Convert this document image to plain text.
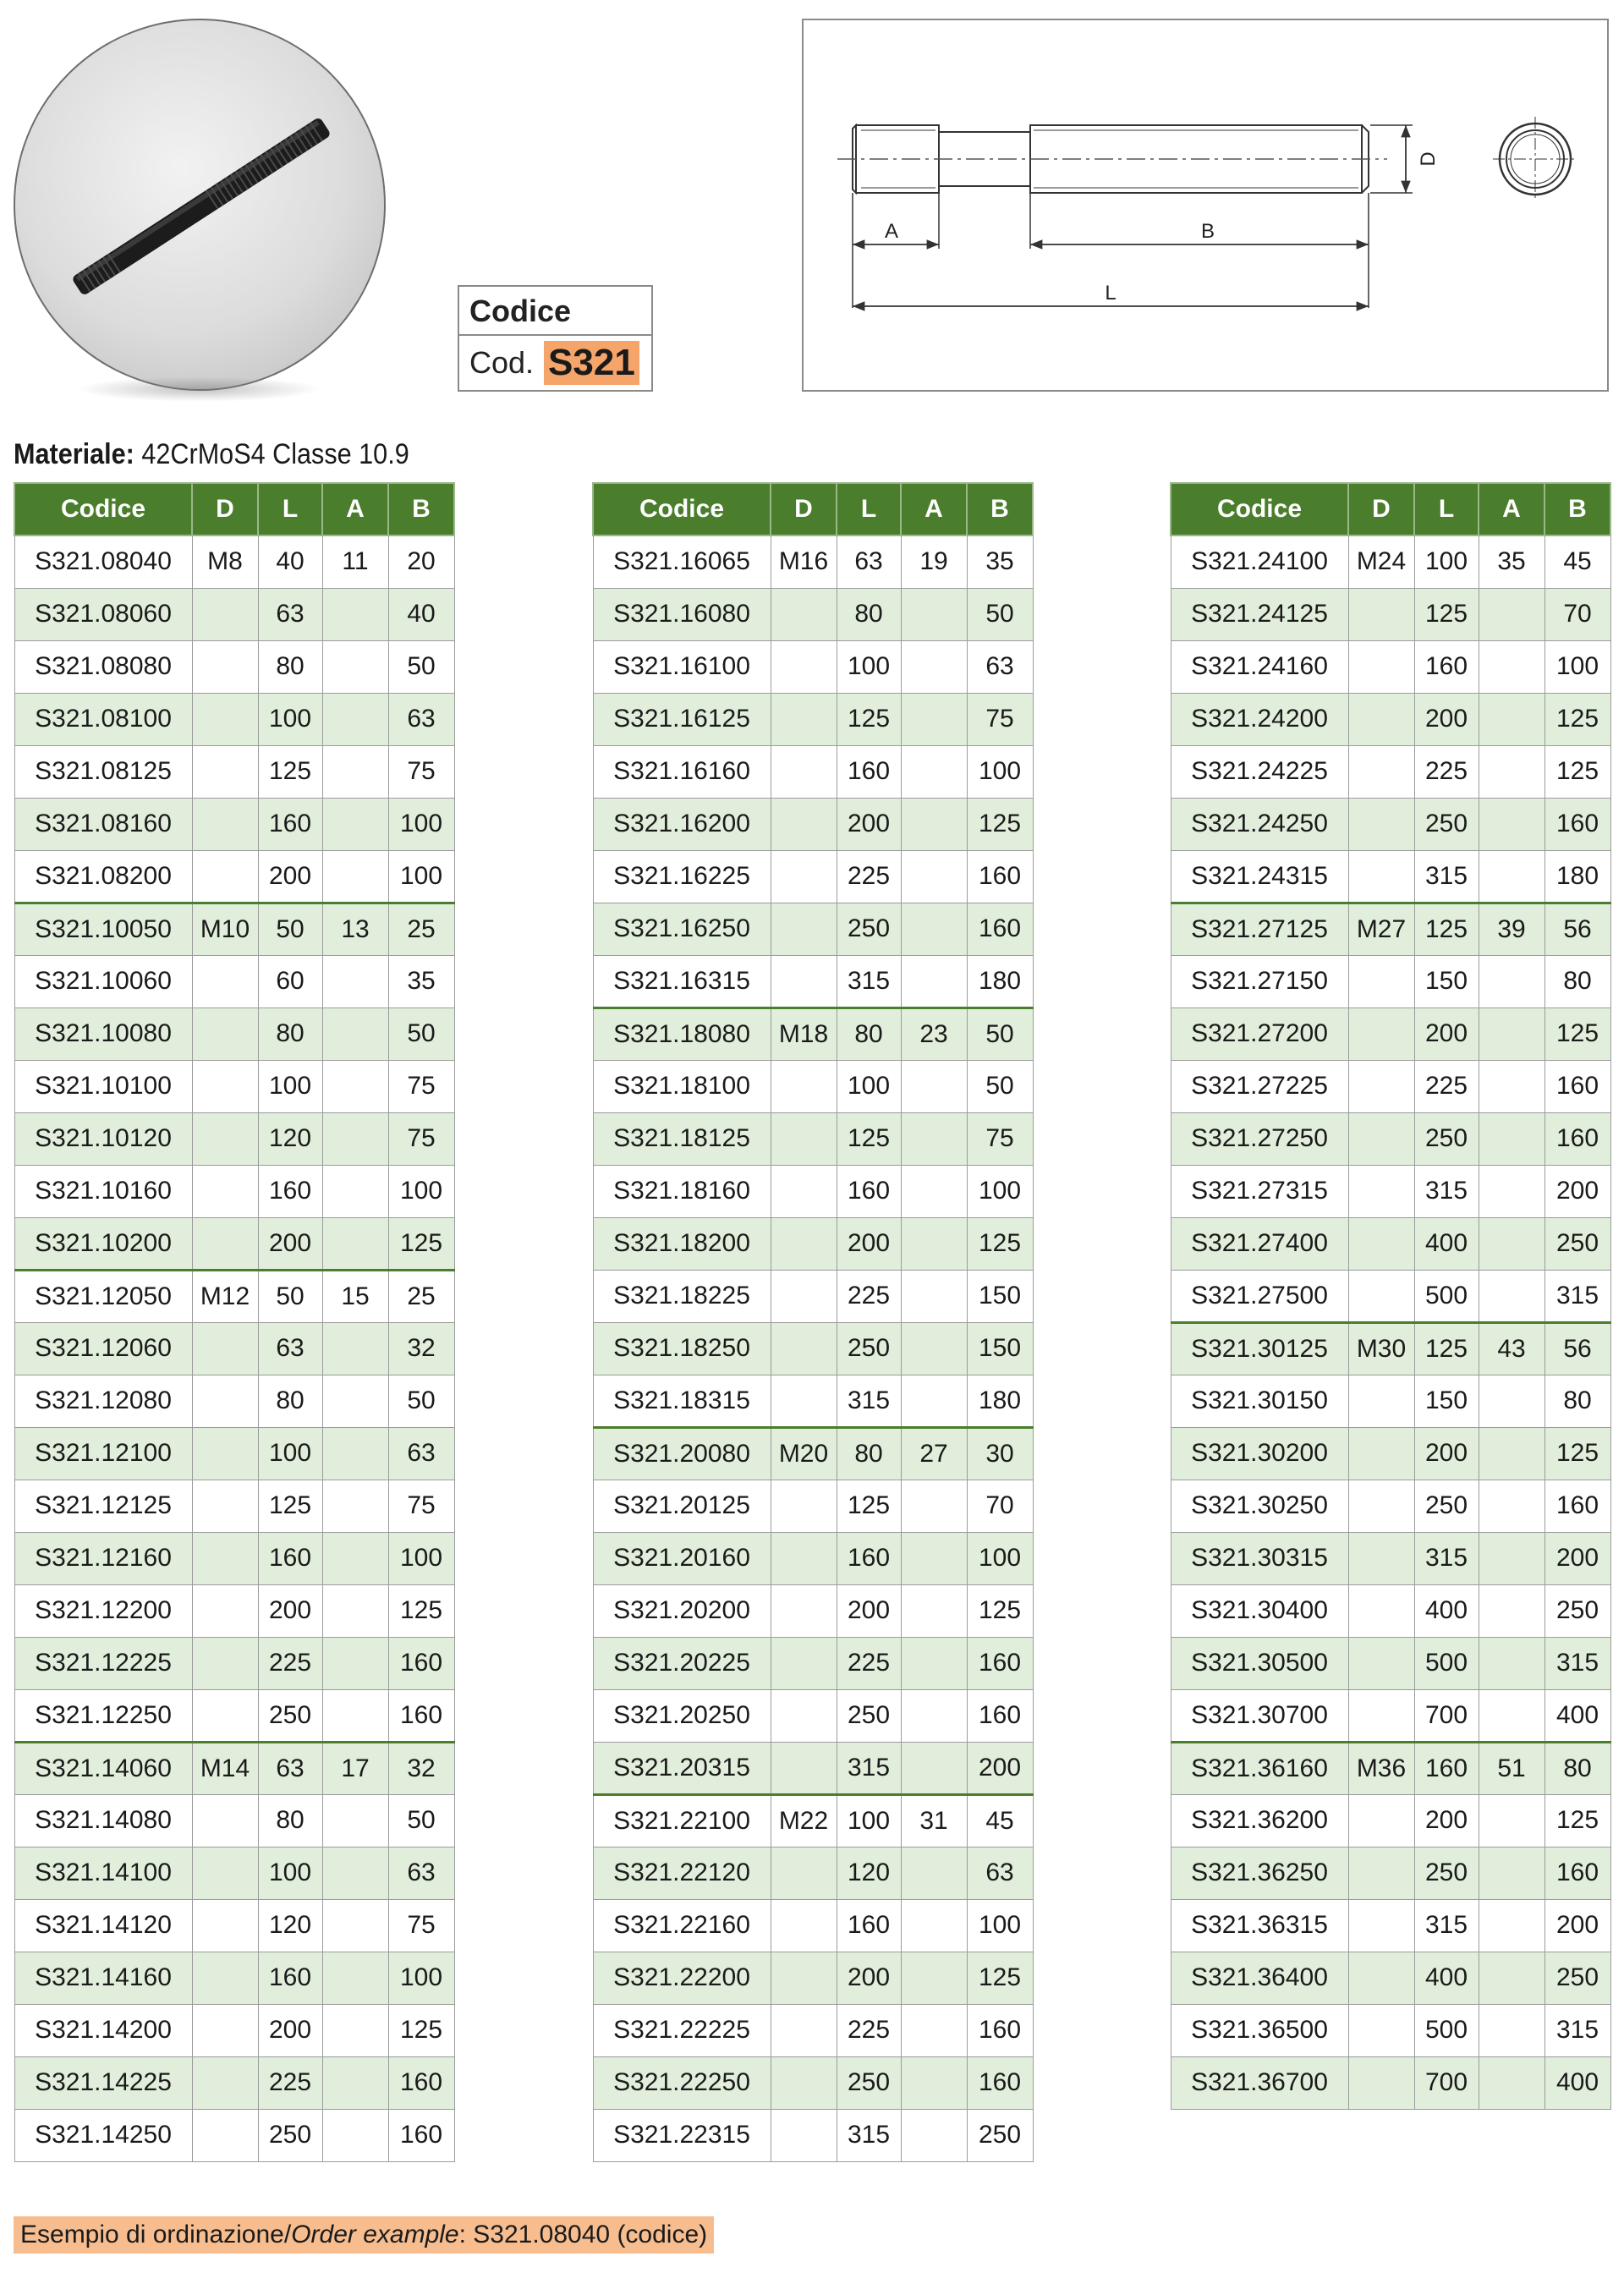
Codice
Cod. S321
A	B
L
D
Materiale: 42CrMoS4 Classe 10.9
Codice	D	L	A	B
S321.08040	M8	40	11	20
S321.08060		63		40
S321.08080		80		50
S321.08100		100		63
S321.08125		125		75
S321.08160		160		100
S321.08200		200		100
S321.10050	M10	50	13	25
S321.10060		60		35
S321.10080		80		50
S321.10100		100		75
S321.10120		120		75
S321.10160		160		100
S321.10200		200		125
S321.12050	M12	50	15	25
S321.12060		63		32
S321.12080		80		50
S321.12100		100		63
S321.12125		125		75
S321.12160		160		100
S321.12200		200		125
S321.12225		225		160
S321.12250		250		160
S321.14060	M14	63	17	32
S321.14080		80		50
S321.14100		100		63
S321.14120		120		75
S321.14160		160		100
S321.14200		200		125
S321.14225		225		160
S321.14250		250		160
Codice	D	L	A	B
S321.16065	M16	63	19	35
S321.16080		80		50
S321.16100		100		63
S321.16125		125		75
S321.16160		160		100
S321.16200		200		125
S321.16225		225		160
S321.16250		250		160
S321.16315		315		180
S321.18080	M18	80	23	50
S321.18100		100		50
S321.18125		125		75
S321.18160		160		100
S321.18200		200		125
S321.18225		225		150
S321.18250		250		150
S321.18315		315		180
S321.20080	M20	80	27	30
S321.20125		125		70
S321.20160		160		100
S321.20200		200		125
S321.20225		225		160
S321.20250		250		160
S321.20315		315		200
S321.22100	M22	100	31	45
S321.22120		120		63
S321.22160		160		100
S321.22200		200		125
S321.22225		225		160
S321.22250		250		160
S321.22315		315		250
Codice	D	L	A	B
S321.24100	M24	100	35	45
S321.24125		125		70
S321.24160		160		100
S321.24200		200		125
S321.24225		225		125
S321.24250		250		160
S321.24315		315		180
S321.27125	M27	125	39	56
S321.27150		150		80
S321.27200		200		125
S321.27225		225		160
S321.27250		250		160
S321.27315		315		200
S321.27400		400		250
S321.27500		500		315
S321.30125	M30	125	43	56
S321.30150		150		80
S321.30200		200		125
S321.30250		250		160
S321.30315		315		200
S321.30400		400		250
S321.30500		500		315
S321.30700		700		400
S321.36160	M36	160	51	80
S321.36200		200		125
S321.36250		250		160
S321.36315		315		200
S321.36400		400		250
S321.36500		500		315
S321.36700		700		400
Esempio di ordinazione/Order example: S321.08040 (codice)
